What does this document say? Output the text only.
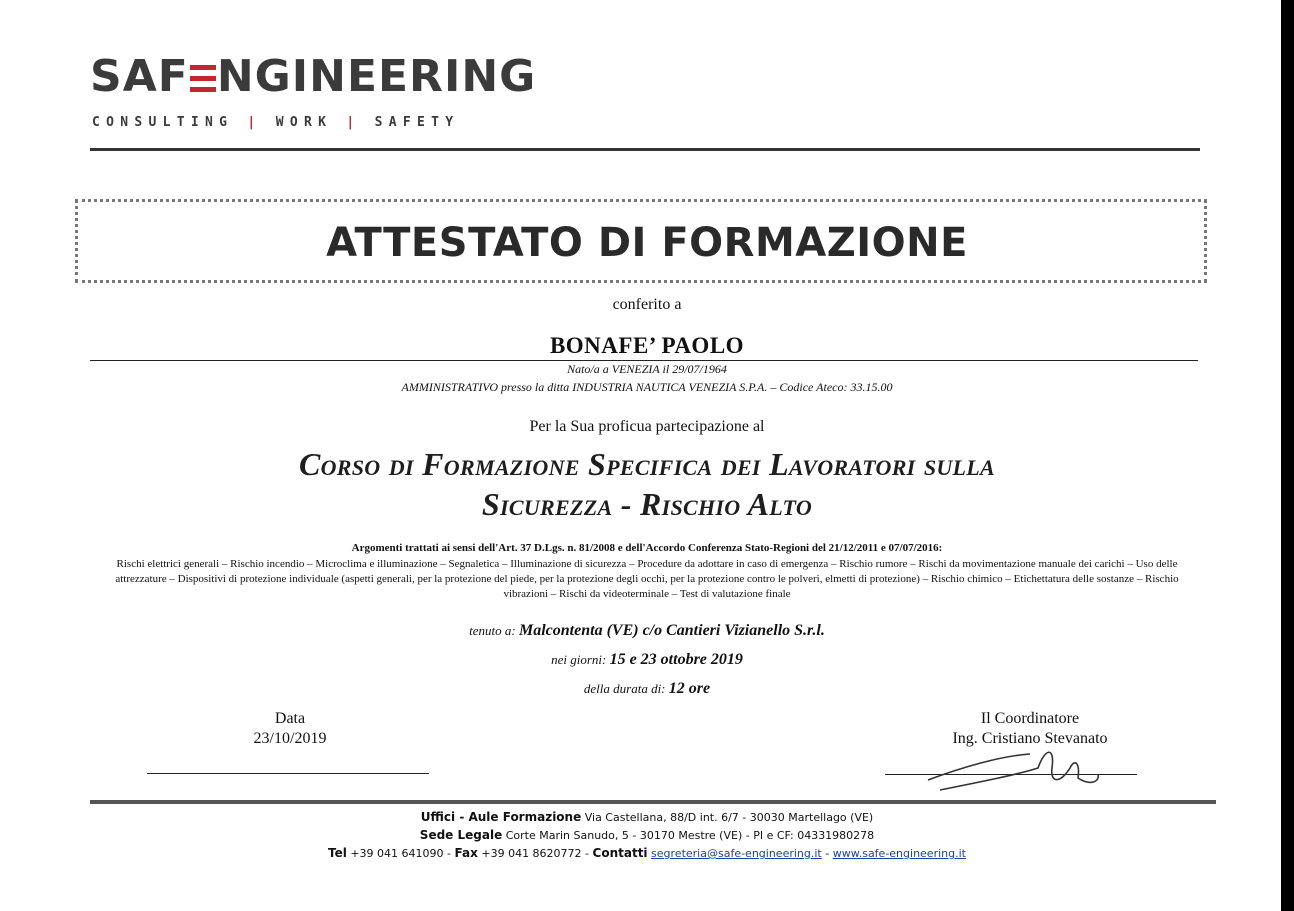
SAF NGINEERING
CONSULTING | WORK | SAFETY
ATTESTATO DI FORMAZIONE
conferito a
BONAFE’ PAOLO
Nato/a a VENEZIA il 29/07/1964
AMMINISTRATIVO presso la ditta INDUSTRIA NAUTICA VENEZIA S.P.A. – Codice Ateco: 33.15.00
Per la Sua proficua partecipazione al
Corso di Formazione Specifica dei Lavoratori sulla
Sicurezza - Rischio Alto
Argomenti trattati ai sensi dell'Art. 37 D.Lgs. n. 81/2008 e dell'Accordo Conferenza Stato-Regioni del 21/12/2011 e 07/07/2016:
Rischi elettrici generali – Rischio incendio – Microclima e illuminazione – Segnaletica – Illuminazione di sicurezza – Procedure da adottare in caso di emergenza – Rischio rumore – Rischi da movimentazione manuale dei carichi – Uso delle attrezzature – Dispositivi di protezione individuale (aspetti generali, per la protezione del piede, per la protezione degli occhi, per la protezione contro le polveri, elmetti di protezione) – Rischio chimico – Etichettatura delle sostanze – Rischio vibrazioni – Rischi da videoterminale – Test di valutazione finale
tenuto a: Malcontenta (VE) c/o Cantieri Vizianello S.r.l.
nei giorni: 15 e 23 ottobre 2019
della durata di: 12 ore
Data
23/10/2019
Il Coordinatore
Ing. Cristiano Stevanato
Uffici - Aule Formazione Via Castellana, 88/D int. 6/7 - 30030 Martellago (VE)
Sede Legale Corte Marin Sanudo, 5 - 30170 Mestre (VE) - PI e CF: 04331980278
Tel +39 041 641090 - Fax +39 041 8620772 - Contatti segreteria@safe-engineering.it - www.safe-engineering.it
